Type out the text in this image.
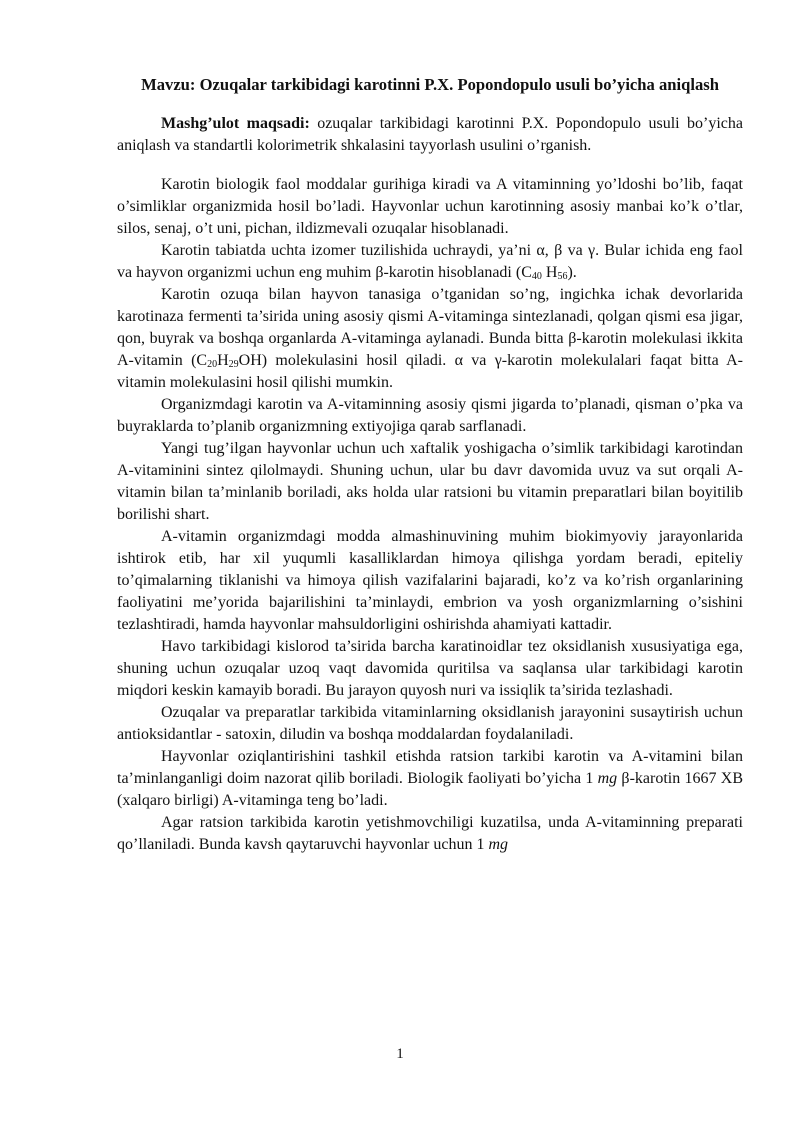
Mavzu: Ozuqalar tarkibidagi karotinni P.X. Popondopulo usuli bo’yicha aniqlash

Mashg’ulot maqsadi: ozuqalar tarkibidagi karotinni P.X. Popondopulo usuli bo’yicha aniqlash va standartli kolorimetrik shkalasini tayyorlash usulini o’rganish.

Karotin biologik faol moddalar gurihiga kiradi va A vitaminning yo’ldoshi bo’lib, faqat o’simliklar organizmida hosil bo’ladi. Hayvonlar uchun karotinning asosiy manbai ko’k o’tlar, silos, senaj, o’t uni, pichan, ildizmevali ozuqalar hisoblanadi.

Karotin tabiatda uchta izomer tuzilishida uchraydi, ya’ni α, β va γ. Bular ichida eng faol va hayvon organizmi uchun eng muhim β-karotin hisoblanadi ($C_{40}$ $H_{56}$).

Karotin ozuqa bilan hayvon tanasiga o’tganidan so’ng, ingichka ichak devorlarida karotinaza fermenti ta’sirida uning asosiy qismi A-vitaminga sintezlanadi, qolgan qismi esa jigar, qon, buyrak va boshqa organlarda A-vitaminga aylanadi. Bunda bitta β-karotin molekulasi ikkita A-vitamin $(C_{20}H_{29}OH)$ molekulasini hosil qiladi. α va γ-karotin molekulalari faqat bitta A-vitamin molekulasini hosil qilishi mumkin.

Organizmdagi karotin va A-vitaminning asosiy qismi jigarda to’planadi, qisman o’pka va buyraklarda to’planib organizmning extiyojiga qarab sarflanadi.

Yangi tug’ilgan hayvonlar uchun uch xaftalik yoshigacha o’simlik tarkibidagi karotindan A-vitaminini sintez qilolmaydi. Shuning uchun, ular bu davr davomida uvuz va sut orqali A-vitamin bilan ta’minlanib boriladi, aks holda ular ratsioni bu vitamin preparatlari bilan boyitilib borilishi shart.

A-vitamin organizmdagi modda almashinuvining muhim biokimyoviy jarayonlarida ishtirok etib, har xil yuqumli kasalliklardan himoya qilishga yordam beradi, epiteliy to’qimalarning tiklanishi va himoya qilish vazifalarini bajaradi, ko’z va ko’rish organlarining faoliyatini me’yorida bajarilishini ta’minlaydi, embrion va yosh organizmlarning o’sishini tezlashtiradi, hamda hayvonlar mahsuldorligini oshirishda ahamiyati kattadir.

Havo tarkibidagi kislorod ta’sirida barcha karatinoidlar tez oksidlanish xususiyatiga ega, shuning uchun ozuqalar uzoq vaqt davomida quritilsa va saqlansa ular tarkibidagi karotin miqdori keskin kamayib boradi. Bu jarayon quyosh nuri va issiqlik ta’sirida tezlashadi.

Ozuqalar va preparatlar tarkibida vitaminlarning oksidlanish jarayonini susaytirish uchun antioksidantlar - satoxin, diludin va boshqa moddalardan foydalaniladi.

Hayvonlar oziqlantirishini tashkil etishda ratsion tarkibi karotin va A-vitamini bilan ta’minlanganligi doim nazorat qilib boriladi. Biologik faoliyati bo’yicha 1 mg β-karotin 1667 XB (xalqaro birligi) A-vitaminga teng bo’ladi.

Agar ratsion tarkibida karotin yetishmovchiligi kuzatilsa, unda A-vitaminning preparati qo’llaniladi. Bunda kavsh qaytaruvchi hayvonlar uchun 1 mg

1
